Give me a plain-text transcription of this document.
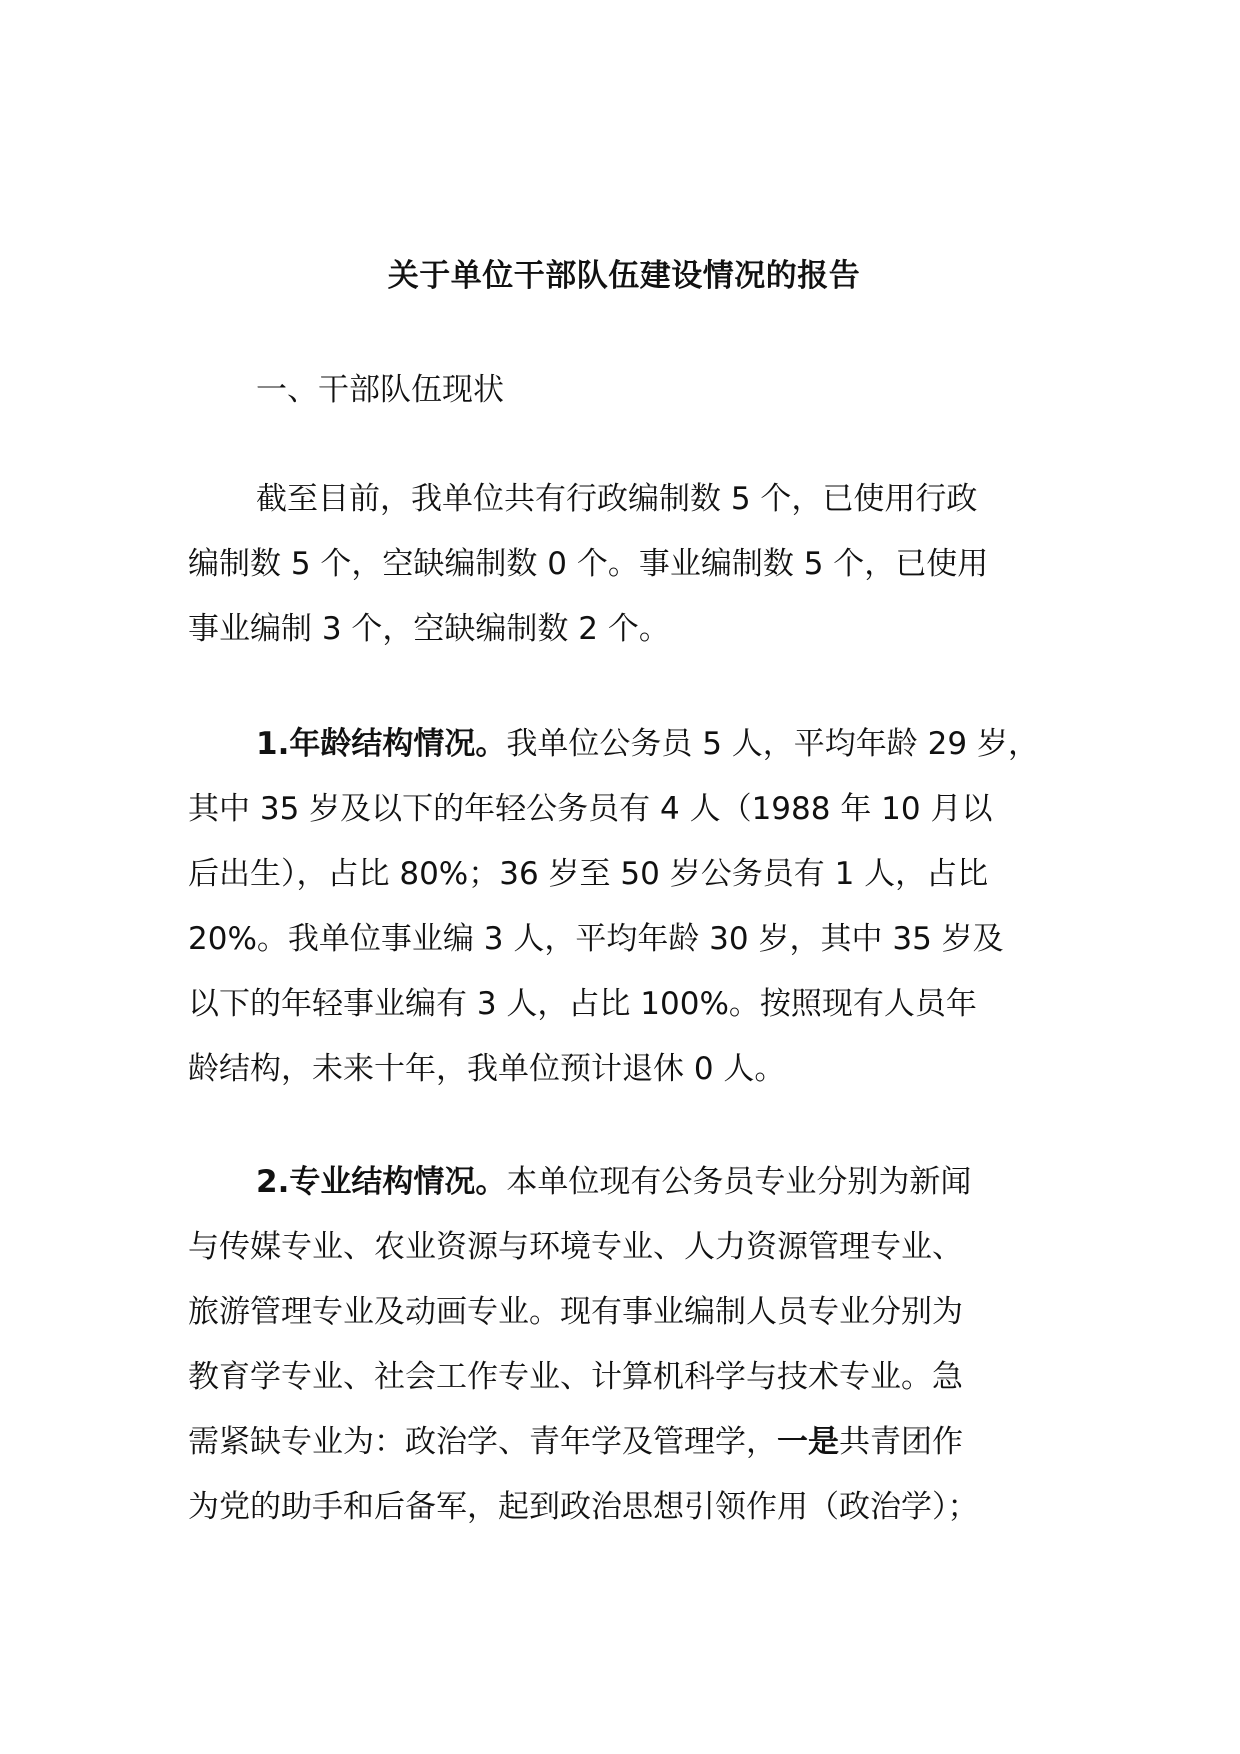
关于单位干部队伍建设情况的报告
一、干部队伍现状
截至目前，我单位共有行政编制数 5 个，已使用行政
编制数 5 个，空缺编制数 0 个。事业编制数 5 个，已使用
事业编制 3 个，空缺编制数 2 个。
1.年龄结构情况。我单位公务员 5 人，平均年龄 29 岁，
其中 35 岁及以下的年轻公务员有 4 人（1988 年 10 月以
后出生），占比 80%；36 岁至 50 岁公务员有 1 人，占比
20%。我单位事业编 3 人，平均年龄 30 岁，其中 35 岁及
以下的年轻事业编有 3 人，占比 100%。按照现有人员年
龄结构，未来十年，我单位预计退休 0 人。
2.专业结构情况。本单位现有公务员专业分别为新闻
与传媒专业、农业资源与环境专业、人力资源管理专业、
旅游管理专业及动画专业。现有事业编制人员专业分别为
教育学专业、社会工作专业、计算机科学与技术专业。急
需紧缺专业为：政治学、青年学及管理学，一是共青团作
为党的助手和后备军，起到政治思想引领作用（政治学）；
